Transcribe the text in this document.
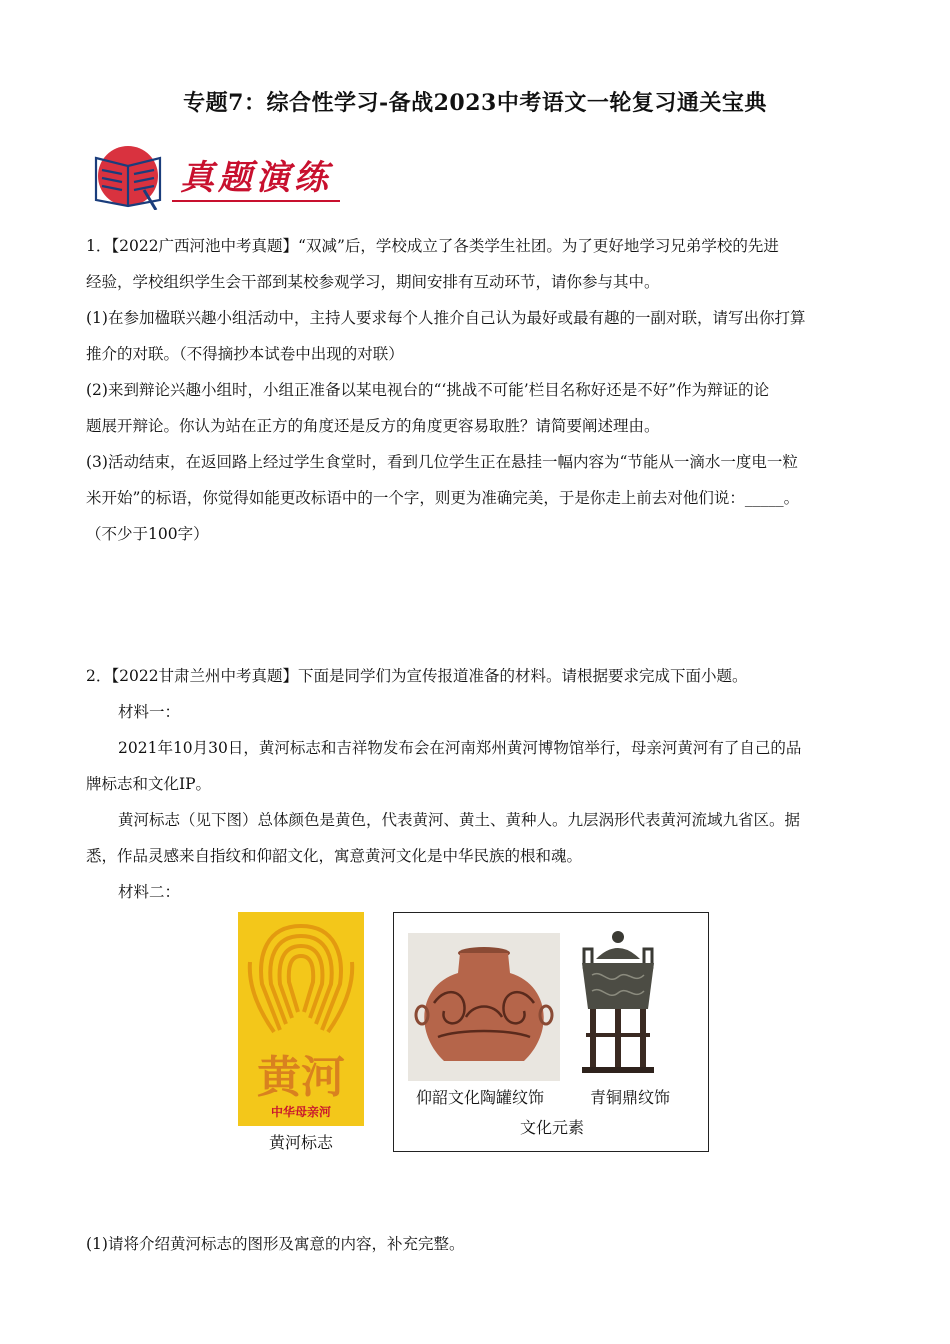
专题7：综合性学习-备战2023中考语文一轮复习通关宝典
真题演练
1．【2022广西河池中考真题】“双减”后，学校成立了各类学生社团。为了更好地学习兄弟学校的先进
经验，学校组织学生会干部到某校参观学习，期间安排有互动环节，请你参与其中。
(1)在参加楹联兴趣小组活动中，主持人要求每个人推介自己认为最好或最有趣的一副对联，请写出你打算
推介的对联。（不得摘抄本试卷中出现的对联）
(2)来到辩论兴趣小组时，小组正准备以某电视台的“‘挑战不可能’栏目名称好还是不好”作为辩证的论
题展开辩论。你认为站在正方的角度还是反方的角度更容易取胜？请简要阐述理由。
(3)活动结束，在返回路上经过学生食堂时，看到几位学生正在悬挂一幅内容为“节能从一滴水一度电一粒
米开始”的标语，你觉得如能更改标语中的一个字，则更为准确完美，于是你走上前去对他们说：_____。
（不少于100字）
2．【2022甘肃兰州中考真题】下面是同学们为宣传报道准备的材料。请根据要求完成下面小题。
材料一：
2021年10月30日，黄河标志和吉祥物发布会在河南郑州黄河博物馆举行，母亲河黄河有了自己的品
牌标志和文化IP。
黄河标志（见下图）总体颜色是黄色，代表黄河、黄土、黄种人。九层涡形代表黄河流域九省区。据
悉，作品灵感来自指纹和仰韶文化，寓意黄河文化是中华民族的根和魂。
材料二：
黄河
中华母亲河
黄河标志
仰韶文化陶罐纹饰	青铜鼎纹饰
文化元素
(1)请将介绍黄河标志的图形及寓意的内容，补充完整。
